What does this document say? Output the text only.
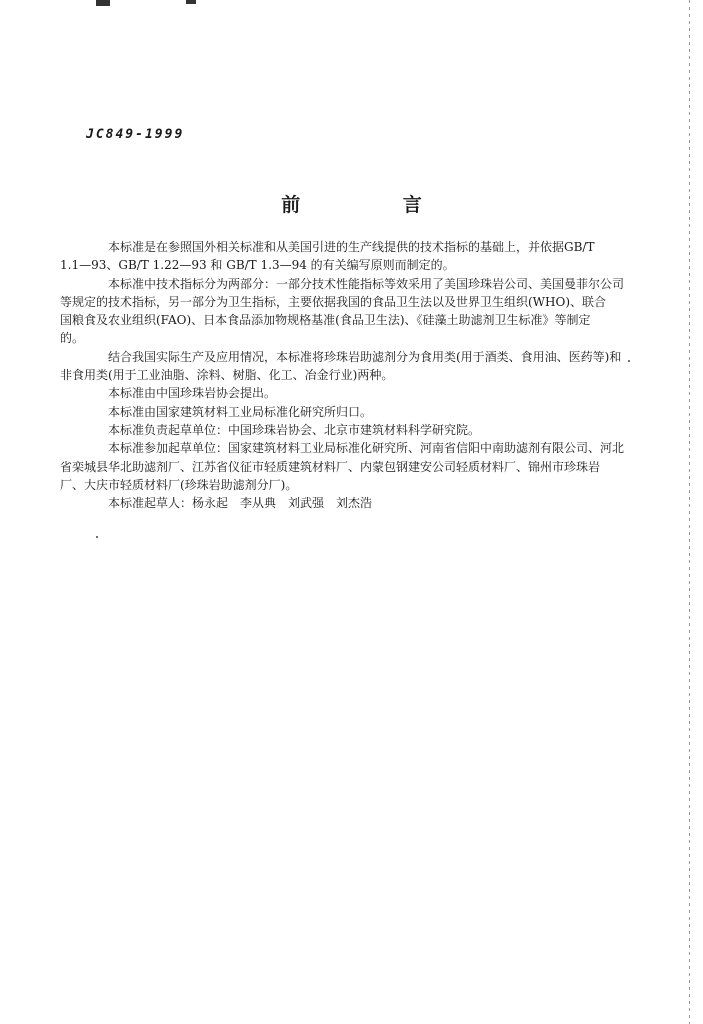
JC849-1999

前 言

本标准是在参照国外相关标准和从美国引进的生产线提供的技术指标的基础上，并依据GB/T
1.1—93、GB/T 1.22—93 和 GB/T 1.3—94 的有关编写原则而制定的。

本标准中技术指标分为两部分：一部分技术性能指标等效采用了美国珍珠岩公司、美国曼菲尔公司
等规定的技术指标，另一部分为卫生指标，主要依据我国的食品卫生法以及世界卫生组织(WHO)、联合
国粮食及农业组织(FAO)、日本食品添加物规格基准(食品卫生法)、《硅藻土助滤剂卫生标准》等制定
的。

结合我国实际生产及应用情况，本标准将珍珠岩助滤剂分为食用类(用于酒类、食用油、医药等)和
非食用类(用于工业油脂、涂料、树脂、化工、冶金行业)两种。

本标准由中国珍珠岩协会提出。

本标准由国家建筑材料工业局标准化研究所归口。

本标准负责起草单位：中国珍珠岩协会、北京市建筑材料科学研究院。

本标准参加起草单位：国家建筑材料工业局标准化研究所、河南省信阳中南助滤剂有限公司、河北
省栾城县华北助滤剂厂、江苏省仪征市轻质建筑材料厂、内蒙包钢建安公司轻质材料厂、锦州市珍珠岩
厂、大庆市轻质材料厂(珍珠岩助滤剂分厂)。

本标准起草人：杨永起　李从典　刘武强　刘杰浩
